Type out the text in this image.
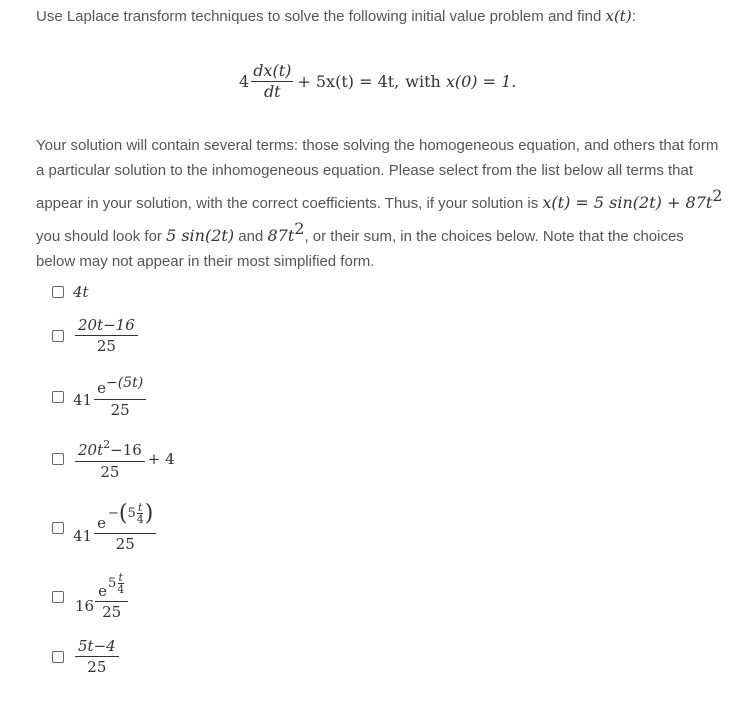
Use Laplace transform techniques to solve the following initial value problem and find x(t):
$4 \frac{dx(t)}{dt} + 5x(t) = 4t$, with x(0) = 1.
Your solution will contain several terms: those solving the homogeneous equation, and others that form a particular solution to the inhomogeneous equation. Please select from the list below all terms that appear in your solution, with the correct coefficients. Thus, if your solution is x(t) = 5 $\sin(2t) + 87t^2$ you should look for 5 sin(2t) and $87t^2$, or their sum, in the choices below. Note that the choices below may not appear in their most simplified form.
4t
$\frac{20t-16}{25}$
$41 \frac{e^{-(5t)}}{25}$
$\frac{20t^2-16}{25} + 4$
41
e
− ( $5 \frac{t}{4}$ )
25
16
e $5 \frac{t}{4}$
25
$\frac{5t-4}{25}$
